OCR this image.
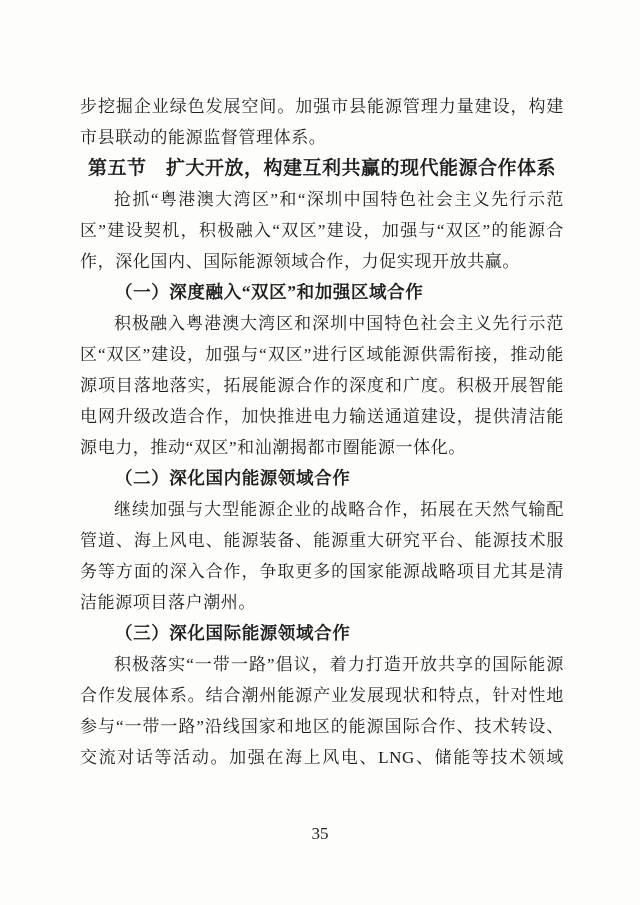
步挖掘企业绿色发展空间。加强市县能源管理力量建设，构建市县联动的能源监督管理体系。

第五节　扩大开放，构建互利共赢的现代能源合作体系

抢抓“粤港澳大湾区”和“深圳中国特色社会主义先行示范区”建设契机，积极融入“双区”建设，加强与“双区”的能源合作，深化国内、国际能源领域合作，力促实现开放共赢。

（一）深度融入“双区”和加强区域合作

积极融入粤港澳大湾区和深圳中国特色社会主义先行示范区“双区”建设，加强与“双区”进行区域能源供需衔接，推动能源项目落地落实，拓展能源合作的深度和广度。积极开展智能电网升级改造合作，加快推进电力输送通道建设，提供清洁能源电力，推动“双区”和汕潮揭都市圈能源一体化。

（二）深化国内能源领域合作

继续加强与大型能源企业的战略合作，拓展在天然气输配管道、海上风电、能源装备、能源重大研究平台、能源技术服务等方面的深入合作，争取更多的国家能源战略项目尤其是清洁能源项目落户潮州。

（三）深化国际能源领域合作

积极落实“一带一路”倡议，着力打造开放共享的国际能源合作发展体系。结合潮州能源产业发展现状和特点，针对性地参与“一带一路”沿线国家和地区的能源国际合作、技术转设、交流对话等活动。加强在海上风电、LNG、储能等技术领域

35
